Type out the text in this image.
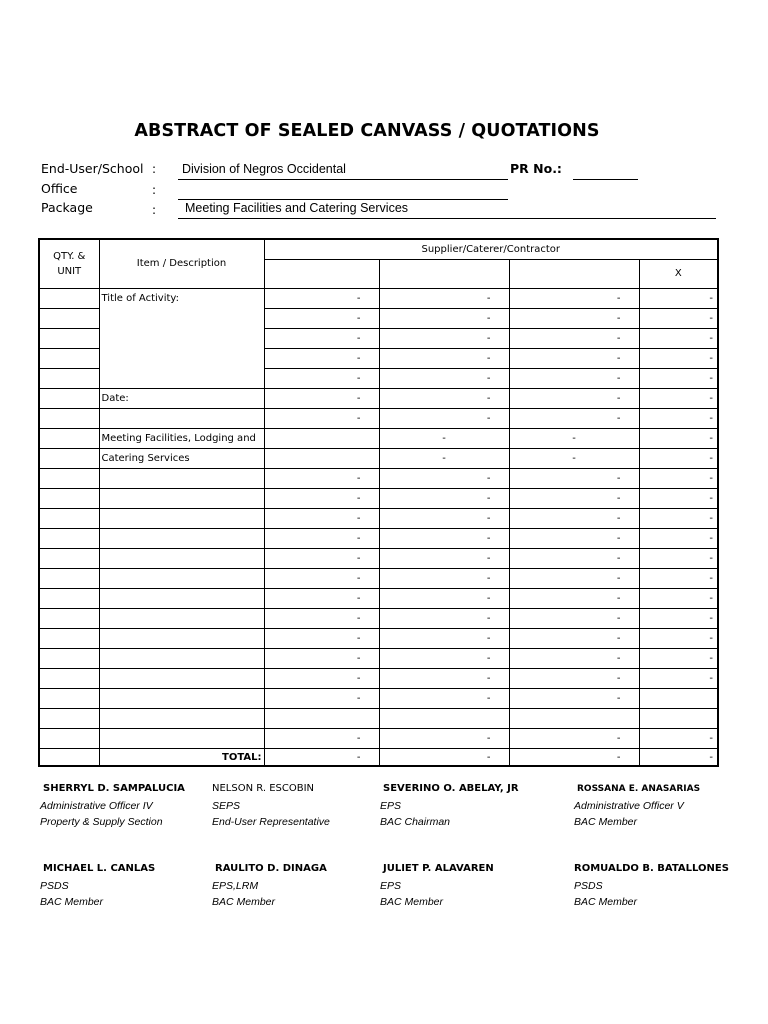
ABSTRACT OF SEALED CANVASS / QUOTATIONS
End-User/School : Division of Negros Occidental	PR No.:
Office	:
Package	: Meeting Facilities and Catering Services
QTY. &
UNIT	Item / Description	Supplier/Caterer/Contractor			
					X
	Title of Activity:	-	-	-	-
		-	-	-	-
		-	-	-	-
		-	-	-	-
		-	-	-	-
	Date:	-	-	-	-
		-	-	-	-
	Meeting Facilities, Lodging and		-	-	-
	Catering Services		-	-	-
		-	-	-	-
		-	-	-	-
		-	-	-	-
		-	-	-	-
		-	-	-	-
		-	-	-	-
		-	-	-	-
		-	-	-	-
		-	-	-	-
		-	-	-	-
		-	-	-	-
		-	-	-	

		-	-	-	-
	TOTAL:	-	-	-	-
SHERRYL D. SAMPALUCIA
Administrative Officer IV
Property & Supply Section
NELSON R. ESCOBIN
SEPS
End-User Representative
SEVERINO O. ABELAY, JR
EPS
BAC Chairman
ROSSANA E. ANASARIAS
Administrative Officer V
BAC Member
MICHAEL L. CANLAS
PSDS
BAC Member
RAULITO D. DINAGA
EPS,LRM
BAC Member
JULIET P. ALAVAREN
EPS
BAC Member
ROMUALDO B. BATALLONES
PSDS
BAC Member
